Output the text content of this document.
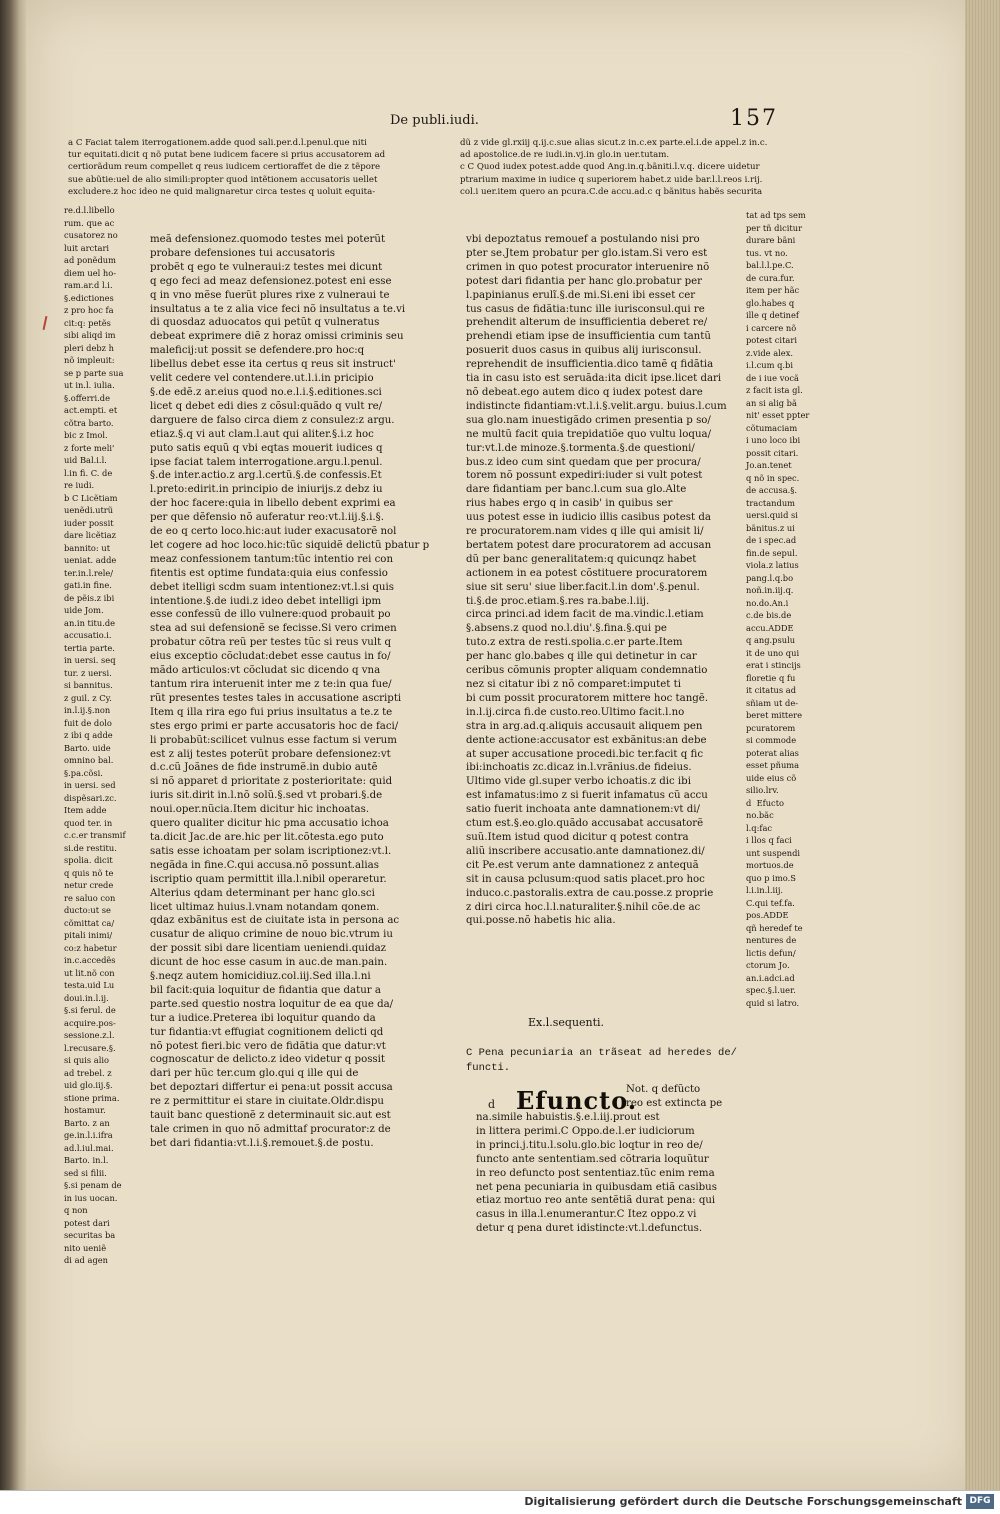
De publi.iudi.	157
a C Faciat talem iterrogationem.adde quod sali.per.d.l.penul.que niti
tur equitati.dicit q nõ putat bene iudicem facere si prius accusatorem ad
certiorãdum reum compellet q reus iudicem certioraffet de die z tẽpore
sue abũtie:uel de alio simili:propter quod intẽtionem accusatoris uellet
excludere.z hoc ideo ne quid malignaretur circa testes q uoluit equita-
dũ z vide gl.rxiij q.ij.c.sue alias sicut.z in.c.ex parte.el.i.de appel.z in.c.
ad apostolice.de re iudi.in.vj.in glo.in uer.tutam.
c C Quod iudex potest.adde quod Ang.in.q.bãniti.l.v.q. dicere uidetur
ptrarium maxime in iudice q superiorem habet.z uide bar.l.l.reos i.rij.
col.i uer.item quero an pcura.C.de accu.ad.c q bãnitus habẽs securita
re.d.l.libello
rum. que ac
cusatorez no
luit arctari
ad ponẽdum
diem uel ho-
ram.ar.d l.i.
§.edictiones
z pro hoc fa
cit:q: petẽs
sibi aliqd im
pleri debz h
nõ impleuit:
se p parte sua
ut in.l. iulia.
§.offerri.de
act.empti. et
cõtra barto.
bic z Imol.
z forte meli'
uid Bal.i.l.
l.in fi. C. de
re iudi.
b C Licẽtiam
uenẽdi.utrũ
iuder possit
dare licẽtiaz
bannito: ut
ueniat. adde
ter.in.l.rele/
gati.in fine.
de pẽis.z ibi
uide Jom.
an.in titu.de
accusatio.i.
tertia parte.
in uersi. seq
tur. z uersi.
si bannitus.
z guil. z Cy.
in.l.ij.§.non
fuit de dolo
z ibi q adde
Barto. uide
omnino bal.
§.pa.cõsi.
in uersi. sed
dispẽsari.zc.
Item adde
quod ter. in
c.c.er transmif
si.de restitu.
spolia. dicit
q quis nõ te
netur crede
re saluo con
ducto:ut se
cõmittat ca/
pitali inimi/
co:z habetur
in.c.accedẽs
ut lit.nõ con
testa.uid Lu
doui.in.l.ij.
§.si ferul. de
acquire.pos-
sessione.z.l.
l.recusare.§.
si quis alio
ad trebel. z
uid glo.iij.§.
stione prima.
hostamur.
Barto. z an
ge.in.l.i.ifra
ad.l.iul.mai.
Barto. in.l.
sed si filii.
§.si penam de
in ius uocan.
q non
potest dari
securitas ba
nito ueniẽ
di ad agen
meã defensionez.quomodo testes mei poterũt
probare defensiones tui accusatoris
probẽt q ego te vulneraui:z testes mei dicunt
q ego feci ad meaz defensionez.potest eni esse
q in vno mẽse fuerũt plures rixe z vulneraui te
insultatus a te z alia vice feci nõ insultatus a te.vi
di quosdaz aduocatos qui petũt q vulneratus
debeat exprimere diẽ z horaz omissi criminis seu
maleficij:ut possit se defendere.pro hoc:q
libellus debet esse ita certus q reus sit instruct'
velit cedere vel contendere.ut.l.i.in pricipio
§.de edẽ.z ar.eius quod no.e.l.i.§.editiones.sci
licet q debet edi dies z cõsul:quãdo q vult re/
darguere de falso circa diem z consulez:z argu.
etiaz.§.q vi aut clam.l.aut qui aliter.§.i.z hoc
puto satis equũ q vbi eqtas mouerit iudices q
ipse faciat talem interrogatione.argu.l.penul.
§.de inter.actio.z arg.l.certũ.§.de confessis.Et
l.preto:edirit.in principio de iniurijs.z debz iu
der hoc facere:quia in libello debent exprimi ea
per que dẽfensio nõ auferatur reo:vt.l.iij.§.i.§.
de eo q certo loco.hic:aut iuder exacusatorẽ nol
let cogere ad hoc loco.hic:tũc siquidẽ delictũ pbatur p
meaz confessionem tantum:tũc intentio rei con
fitentis est optime fundata:quia eius confessio
debet itelligi scdm suam intentionez:vt.l.si quis
intentione.§.de iudi.z ideo debet intelligi ipm
esse confessũ de illo vulnere:quod probauit po
stea ad sui defensionẽ se fecisse.Si vero crimen
probatur cõtra reũ per testes tũc si reus vult q
eius exceptio cõcludat:debet esse cautus in fo/
mãdo articulos:vt cõcludat sic dicendo q vna
tantum rira interuenit inter me z te:in qua fue/
rũt presentes testes tales in accusatione ascripti
Item q illa rira ego fui prius insultatus a te.z te
stes ergo primi er parte accusatoris hoc de faci/
li probabũt:scilicet vulnus esse factum si verum
est z alij testes poterũt probare defensionez:vt
d.c.cũ Joãnes de fide instrumẽ.in dubio autẽ
si nõ apparet d prioritate z posterioritate: quid
iuris sit.dirit in.l.nõ solũ.§.sed vt probari.§.de
noui.oper.nũcia.Item dicitur hic inchoatas.
quero qualiter dicitur hic pma accusatio ichoa
ta.dicit Jac.de are.hic per lit.cõtesta.ego puto
satis esse ichoatam per solam iscriptionez:vt.l.
negãda in fine.C.qui accusa.nõ possunt.alias
iscriptio quam permittit illa.l.nibil operaretur.
Alterius qdam determinant per hanc glo.sci
licet ultimaz huius.l.vnam notandam qonem.
qdaz exbãnitus est de ciuitate ista in persona ac
cusatur de aliquo crimine de nouo bic.vtrum iu
der possit sibi dare licentiam ueniendi.quidaz
dicunt de hoc esse casum in auc.de man.pain.
§.neqz autem homicidiuz.col.iij.Sed illa.l.ni
bil facit:quia loquitur de fidantia que datur a
parte.sed questio nostra loquitur de ea que da/
tur a iudice.Preterea ibi loquitur quando da
tur fidantia:vt effugiat cognitionem delicti qd
nõ potest fieri.bic vero de fidãtia que datur:vt
cognoscatur de delicto.z ideo videtur q possit
dari per hũc ter.cum glo.qui q ille qui de
bet depoztari differtur ei pena:ut possit accusa
re z permittitur ei stare in ciuitate.Oldr.dispu
tauit banc questionẽ z determinauit sic.aut est
tale crimen in quo nõ admittaf procurator:z de
bet dari fidantia:vt.l.i.§.remouet.§.de postu.
vbi depoztatus remouef a postulando nisi pro
pter se.Jtem probatur per glo.istam.Si vero est
crimen in quo potest procurator interuenire nõ
potest dari fidantia per hanc glo.probatur per
l.papinianus erulĩ.§.de mi.Si.eni ibi esset cer
tus casus de fidãtia:tunc ille iurisconsul.qui re
prehendit alterum de insufficientia deberet re/
prehendi etiam ipse de insufficientia cum tantũ
posuerit duos casus in quibus alij iurisconsul.
reprehendit de insufficientia.dico tamẽ q fidãtia
tia in casu isto est seruãda:ita dicit ipse.licet dari
nõ debeat.ego autem dico q iudex potest dare
indistincte fidantiam:vt.l.i.§.velit.argu. buius.l.cum
sua glo.nam inuestigãdo crimen presentia p so/
ne multũ facit quia trepidatiõe quo vultu loqua/
tur:vt.l.de minoze.§.tormenta.§.de questioni/
bus.z ideo cum sint quedam que per procura/
torem nõ possunt expediri:iuder si vult potest
dare fidantiam per banc.l.cum sua glo.Alte
rius habes ergo q in casib' in quibus ser
uus potest esse in iudicio illis casibus potest da
re procuratorem.nam vides q ille qui amisit li/
bertatem potest dare procuratorem ad accusan
dũ per banc generalitatem:q quicunqz habet
actionem in ea potest cõstituere procuratorem
siue sit seru' siue liber.facit.l.in dom'.§.penul.
ti.§.de proc.etiam.§.res ra.babe.l.iij.
circa princi.ad idem facit de ma.vindic.l.etiam
§.absens.z quod no.l.diu'.§.fina.§.qui pe
tuto.z extra de resti.spolia.c.er parte.Item
per hanc glo.babes q ille qui detinetur in car
ceribus cõmunis propter aliquam condemnatio
nez si citatur ibi z nõ comparet:imputet ti
bi cum possit procuratorem mittere hoc tangẽ.
in.l.ij.circa fi.de custo.reo.Ultimo facit.l.no
stra in arg.ad.q.aliquis accusauit aliquem pen
dente actione:accusator est exbãnitus:an debe
at super accusatione procedi.bic ter.facit q fic
ibi:inchoatis zc.dicaz in.l.vrãnius.de fideius.
Ultimo vide gl.super verbo ichoatis.z dic ibi
est infamatus:imo z si fuerit infamatus cũ accu
satio fuerit inchoata ante damnationem:vt di/
ctum est.§.eo.glo.quãdo accusabat accusatorẽ
suũ.Item istud quod dicitur q potest contra
aliũ inscribere accusatio.ante damnationez.di/
cit Pe.est verum ante damnationez z antequã
sit in causa pclusum:quod satis placet.pro hoc
induco.c.pastoralis.extra de cau.posse.z proprie
z diri circa hoc.l.l.naturaliter.§.nihil cõe.de ac
qui.posse.nõ habetis hic alia.
tat ad tps sem
per tñ dicitur
durare bãni
tus. vt no.
bal.l.l.pe.C.
de cura.fur.
item per hãc
glo.habes q
ille q detinef
i carcere nõ
potest citari
z.vide alex.
i.l.cum q.bi
de i iue vocã
z facit ista gl.
an si alig bã
nit' esset ppter
cõtumaciam
i uno loco ibi
possit citari.
Jo.an.tenet
q nõ in spec.
de accusa.§.
tractandum
uersi.quid si
bãnitus.z ui
de i spec.ad
fin.de sepul.
viola.z latius
pang.l.q.bo
noñ.in.iij.q.
no.do.An.i
c.de bis.de
accu.ADDE
q ang.psulu
it de uno qui
erat i stincijs
floretie q fu
it citatus ad
sñiam ut de-
beret mittere
pcuratorem
si commode
poterat alias
esset pñuma
uide eius cõ
silio.lrv.
d  Efucto
no.bãc
l.q:fac
i llos q faci
unt suspendi
mortuos.de
quo p imo.S
l.i.in.l.iij.
C.qui tef.fa.
pos.ADDE
qñ heredef te
nentures de
lictis defun/
ctorum Jo.
an.i.adci.ad
spec.§.l.uer.
quid si latro.
Ex.l.sequenti.
C Pena pecuniaria an trãseat ad heredes de/
functi.
d Efuncto.
Not. q defũcto
reo est extincta pe
na.simile habuistis.§.e.l.iij.prout est
in littera perimi.C Oppo.de.l.er iudiciorum
in princi.j.titu.l.solu.glo.bic loqtur in reo de/
functo ante sententiam.sed cõtraria loquũtur
in reo defuncto post sententiaz.tũc enim rema
net pena pecuniaria in quibusdam etiã casibus
etiaz mortuo reo ante sentẽtiã durat pena: qui
casus in illa.l.enumerantur.C Itez oppo.z vi
detur q pena duret idistincte:vt.l.defunctus.
Digitalisierung gefördert durch die Deutsche Forschungsgemeinschaft DFG
